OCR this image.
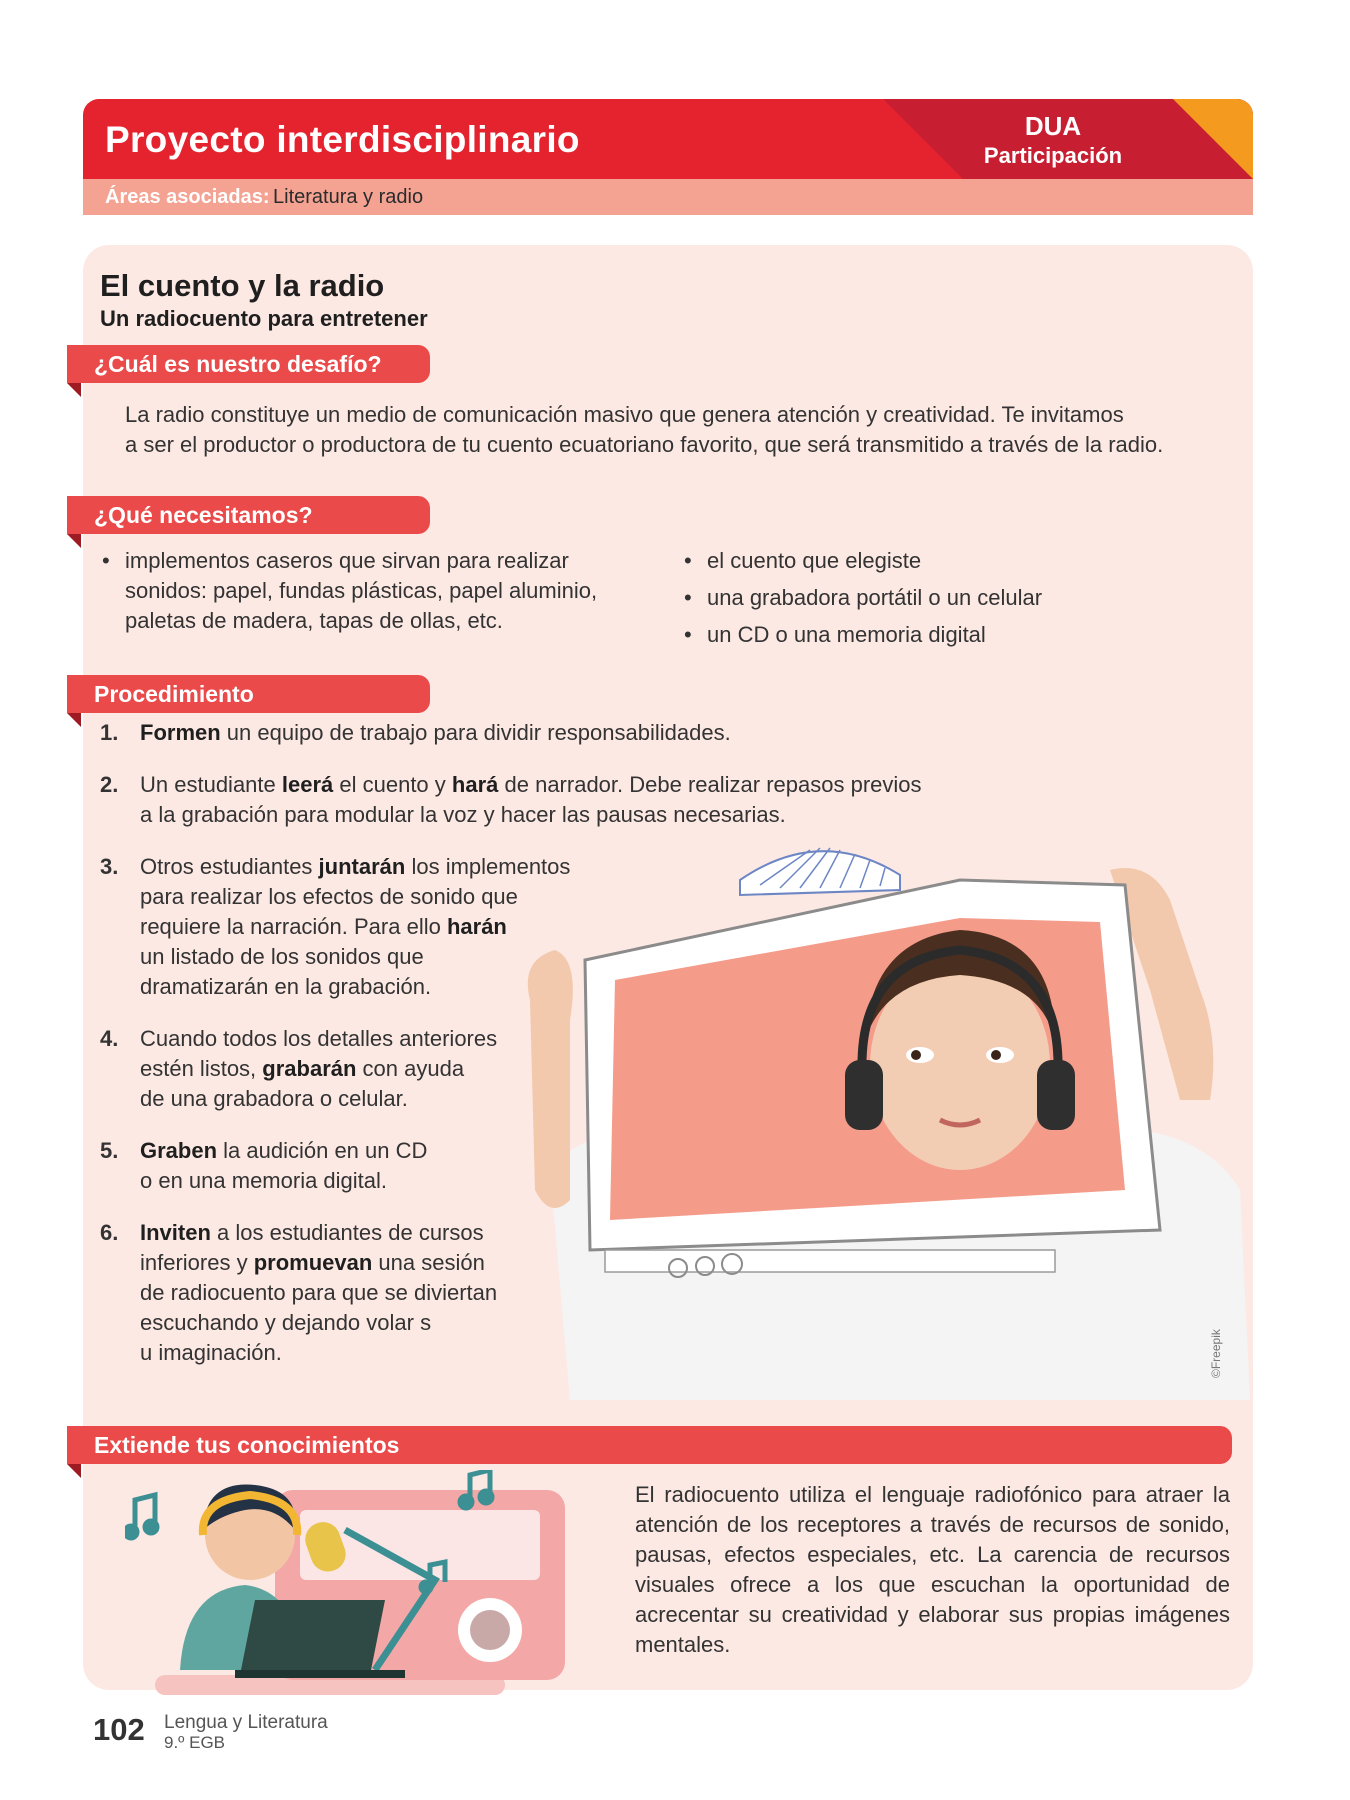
Proyecto interdisciplinario	DUA
Participación
Áreas asociadas: Literatura y radio
El cuento y la radio
Un radiocuento para entretener
¿Cuál es nuestro desafío?
La radio constituye un medio de comunicación masivo que genera atención y creatividad. Te invitamos
a ser el productor o productora de tu cuento ecuatoriano favorito, que será transmitido a través de la radio.
¿Qué necesitamos?
• implementos caseros que sirvan para realizar sonidos: papel, fundas plásticas, papel aluminio, paletas de madera, tapas de ollas, etc.
• el cuento que elegiste
• una grabadora portátil o un celular
• un CD o una memoria digital
©Freepik
Procedimiento
1. Formen un equipo de trabajo para dividir responsabilidades.
2. Un estudiante leerá el cuento y hará de narrador. Debe realizar repasos previos
a la grabación para modular la voz y hacer las pausas necesarias.
3. Otros estudiantes juntarán los implementos
para realizar los efectos de sonido que
requiere la narración. Para ello harán
un listado de los sonidos que
dramatizarán en la grabación.
4. Cuando todos los detalles anteriores
estén listos, grabarán con ayuda
de una grabadora o celular.
5. Graben la audición en un CD
o en una memoria digital.
6. Inviten a los estudiantes de cursos
inferiores y promuevan una sesión
de radiocuento para que se diviertan
escuchando y dejando volar s
u imaginación.
Extiende tus conocimientos
El radiocuento utiliza el lenguaje radiofónico para atraer la atención de los receptores a través de recursos de sonido, pausas, efectos especiales, etc. La carencia de recursos visuales ofrece a los que escuchan la oportunidad de acrecentar su creatividad y elaborar sus propias imágenes mentales.
102 Lengua y Literatura
9.º EGB
